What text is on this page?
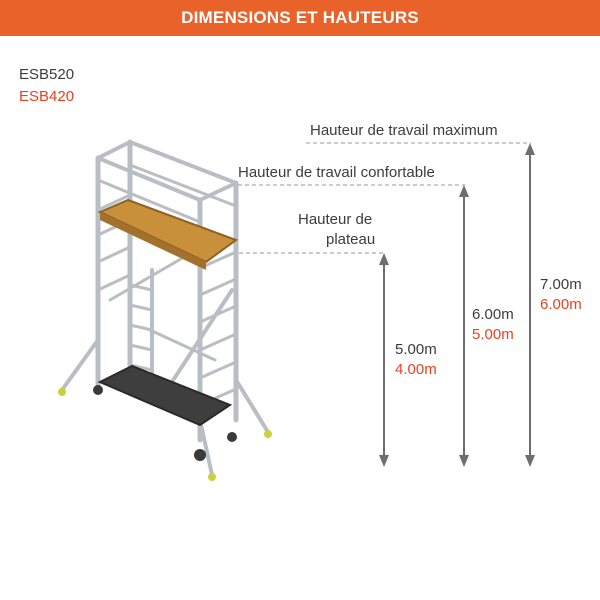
DIMENSIONS ET HAUTEURS
ESB520
ESB420
Hauteur de travail maximum
Hauteur de travail confortable
Hauteur de
plateau
5.00m
4.00m
6.00m
5.00m
7.00m
6.00m
